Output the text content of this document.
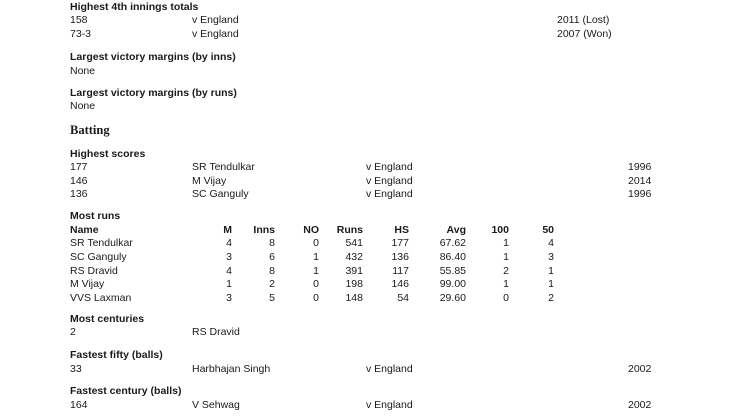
Highest 4th innings totals
158	v England	2011 (Lost)
73-3	v England	2007 (Won)
Largest victory margins (by inns)
None
Largest victory margins (by runs)
None
Batting
Highest scores
177	SR Tendulkar	v England	1996
146	M Vijay	v England	2014
136	SC Ganguly	v England	1996
Most runs
Name	M	Inns	NO	Runs	HS	Avg	100	50
SR Tendulkar	4	8	0	541	177	67.62	1	4
SC Ganguly	3	6	1	432	136	86.40	1	3
RS Dravid	4	8	1	391	117	55.85	2	1
M Vijay	1	2	0	198	146	99.00	1	1
VVS Laxman	3	5	0	148	54	29.60	0	2
Most centuries
2	RS Dravid
Fastest fifty (balls)
33	Harbhajan Singh	v England	2002
Fastest century (balls)
164	V Sehwag	v England	2002
